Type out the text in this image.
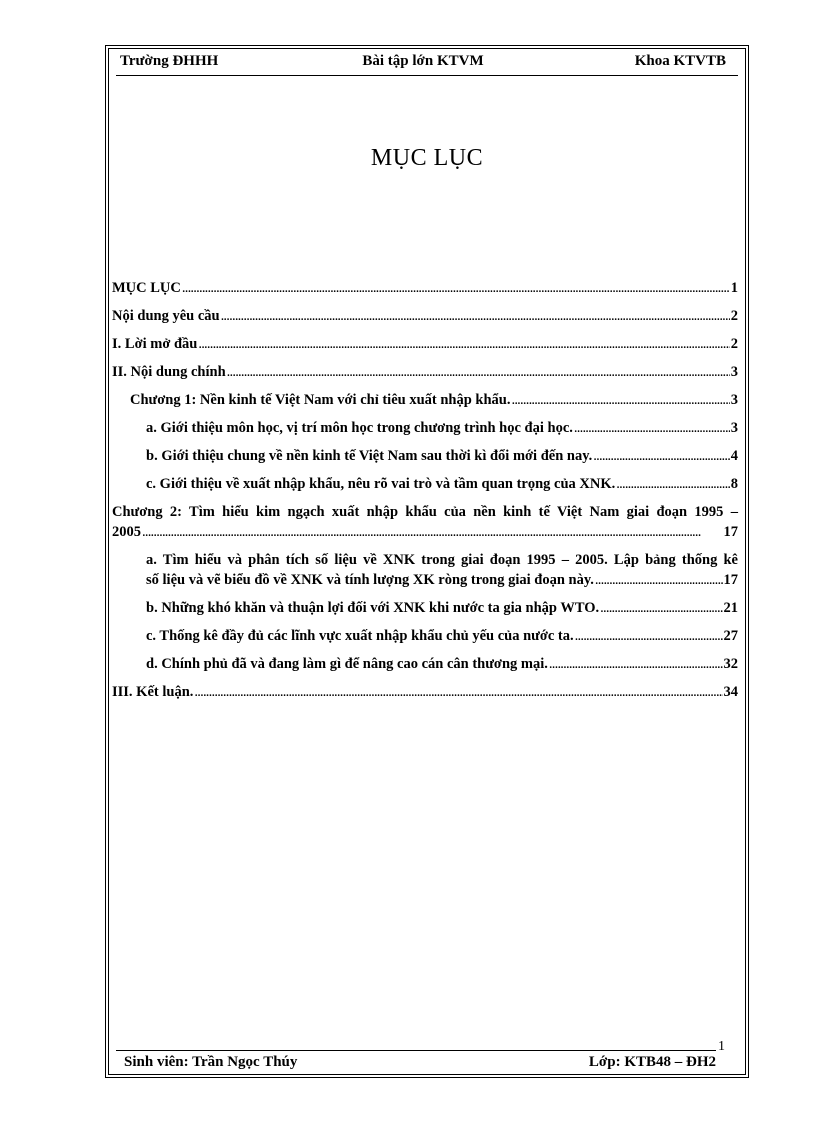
Trường ĐHHH	Bài tập lớn KTVM	Khoa KTVTB
MỤC LỤC
MỤC LỤC . . .	1
Nội dung yêu cầu . . .	2
I. Lời mở đầu . . .	2
II. Nội dung chính . . .	3
Chương 1: Nền kinh tế Việt Nam với chỉ tiêu xuất nhập khẩu. . . .	3
a. Giới thiệu môn học, vị trí môn học trong chương trình học đại học. . . .	3
b. Giới thiệu chung về nền kinh tế Việt Nam sau thời kì đổi mới đến nay. . . .	4
c. Giới thiệu về xuất nhập khẩu, nêu rõ vai trò và tầm quan trọng của XNK. . . .	8
Chương 2: Tìm hiểu kim ngạch xuất nhập khẩu của nền kinh tế Việt Nam giai đoạn 1995 –
2005 . . .	17
a. Tìm hiểu và phân tích số liệu về XNK trong giai đoạn 1995 – 2005. Lập bảng thống kê
số liệu và vẽ biểu đồ về XNK và tính lượng XK ròng trong giai đoạn này. . . .	17
b. Những khó khăn và thuận lợi đối với XNK khi nước ta gia nhập WTO. . . .	21
c. Thống kê đầy đủ các lĩnh vực xuất nhập khẩu chủ yếu của nước ta. . . .	27
d. Chính phủ đã và đang làm gì để nâng cao cán cân thương mại. . . .	32
III. Kết luận. . . .	34
1
Sinh viên: Trần Ngọc Thúy	Lớp: KTB48 – ĐH2
